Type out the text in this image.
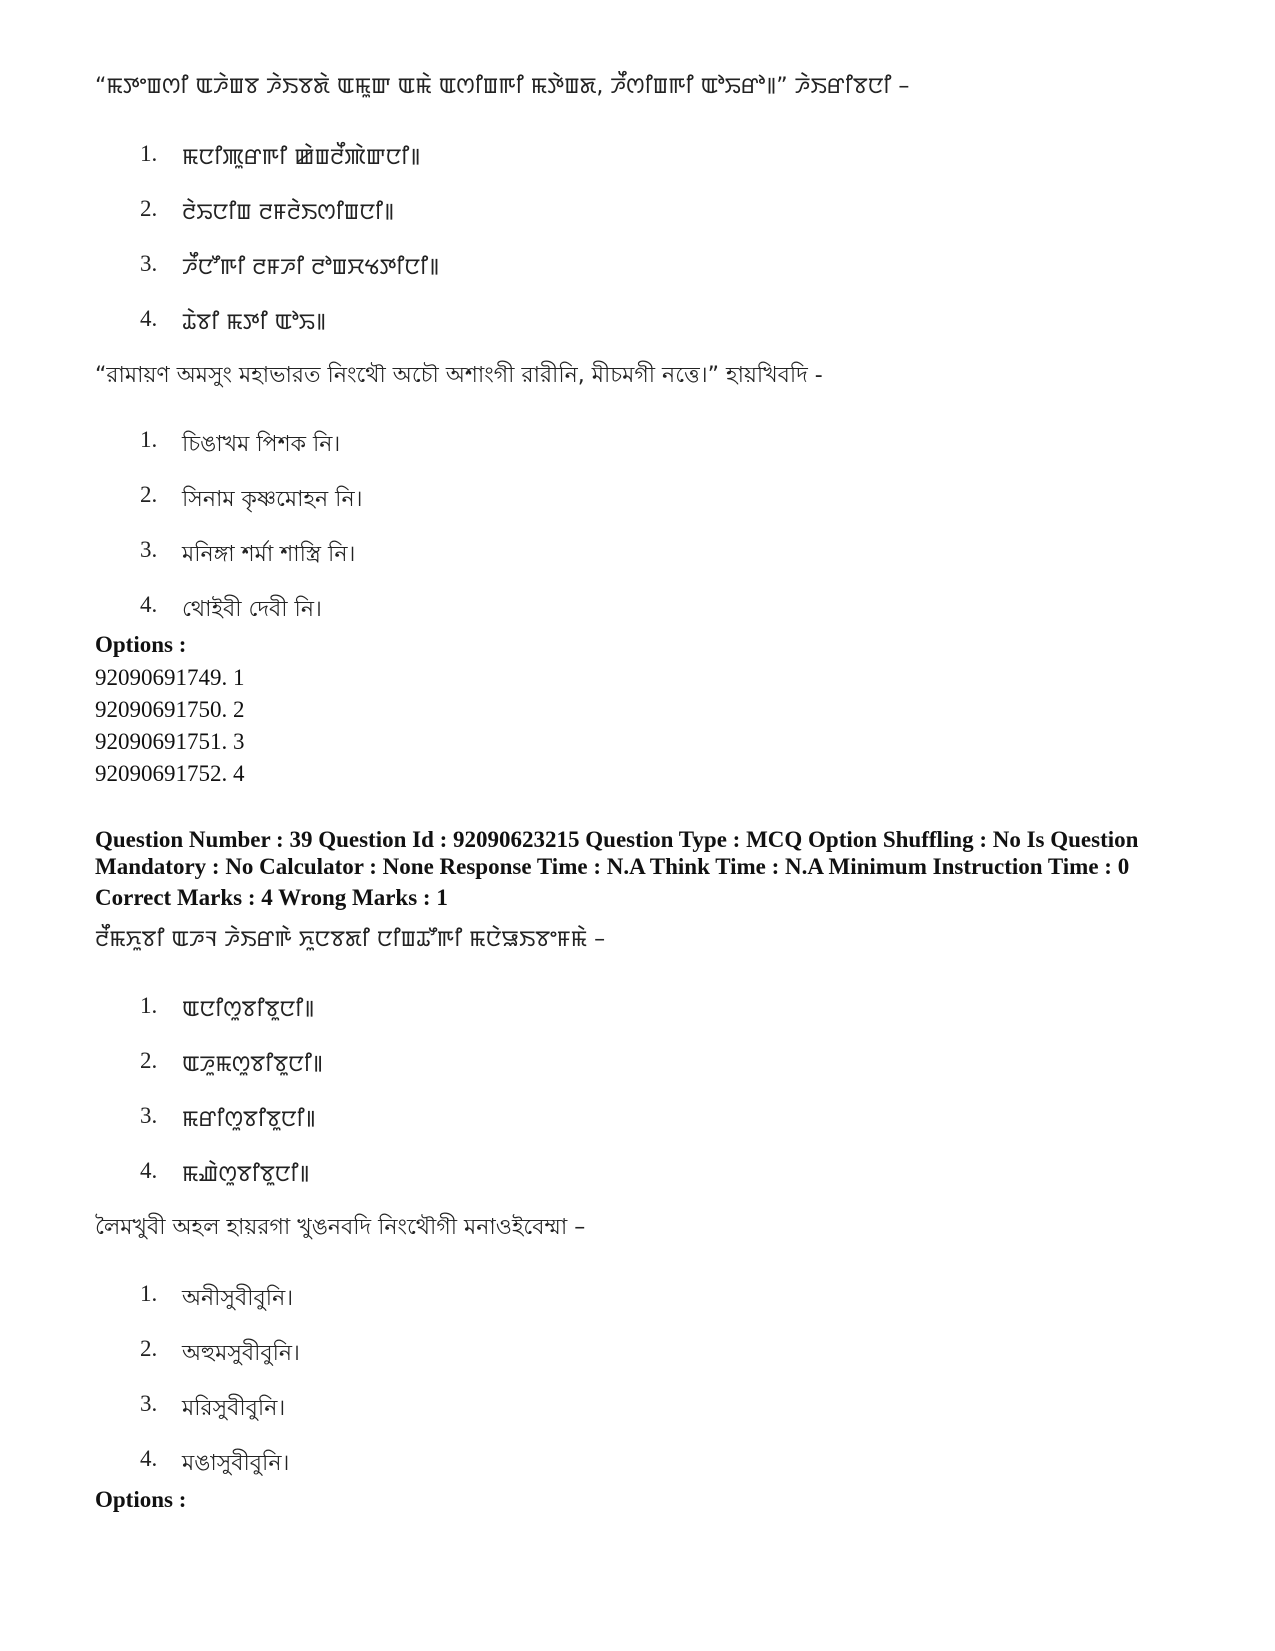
“ꯃꯇꯦꯡꯁꯤ ꯑꯍꯥꯡꯕ ꯍꯥꯏꯕꯗꯥ ꯑꯃꯨꯛ ꯑꯃꯥ ꯑꯁꯤꯡꯒꯤ ꯃꯇꯥꯡꯗ, ꯍꯩꯁꯤꯡꯒꯤ ꯑꯣꯢꯔꯣ꯫” ꯍꯥꯏꯔꯤꯕꯅꯤ –
1.	ꯃꯅꯤꯄꯨꯔꯒꯤ ꯀꯥꯡꯂꯩꯄꯥꯛꯅꯤ꯫
2.	ꯂꯥꯢꯅꯤꯡ ꯂꯝꯂꯥꯏꯁꯤꯡꯅꯤ꯫
3.	ꯍꯩꯅꯧꯒꯤ ꯂꯝꯍꯤ ꯂꯣꯡꯆꯠꯇꯤꯅꯤ꯫
4.	ꯊꯥꯕꯤ ꯃꯇꯤ ꯑꯣꯢ꯫
“রামায়ণ অমসুং মহাভারত নিংথৌ অচৌ অশাংগী রারীনি, মীচমগী নত্তে।” হায়খিবদি -
1.	চিঙাখম পিশক নি।
2.	সিনাম কৃষ্ণমোহন নি।
3.	মনিঙ্গা শর্মা শাস্ত্রি নি।
4.	থোইবী দেবী নি।
Options :
92090691749. 1
92090691750. 2
92090691751. 3
92090691752. 4
Question Number : 39 Question Id : 92090623215 Question Type : MCQ Option Shuffling : No Is Question
Mandatory : No Calculator : None Response Time : N.A Think Time : N.A Minimum Instruction Time : 0
Correct Marks : 4 Wrong Marks : 1
ꯂꯩꯃꯈꯨꯕꯤ ꯑꯍꯜ ꯍꯥꯏꯔꯒꯥ ꯈꯨꯅꯕꯗꯤ ꯅꯤꯡꯊꯧꯒꯤ ꯃꯅꯥꯎꯏꯕꯦꯝꯃꯥ –
1.	ꯑꯅꯤꯁꯨꯕꯤꯕꯨꯅꯤ꯫
2.	ꯑꯍꯨꯃꯁꯨꯕꯤꯕꯨꯅꯤ꯫
3.	ꯃꯔꯤꯁꯨꯕꯤꯕꯨꯅꯤ꯫
4.	ꯃꯉꯥꯁꯨꯕꯤꯕꯨꯅꯤ꯫
লৈমখুবী অহল হায়রগা খুঙনবদি নিংথৌগী মনাওইবেম্মা –
1.	অনীসুবীবুনি।
2.	অহুমসুবীবুনি।
3.	মরিসুবীবুনি।
4.	মঙাসুবীবুনি।
Options :
